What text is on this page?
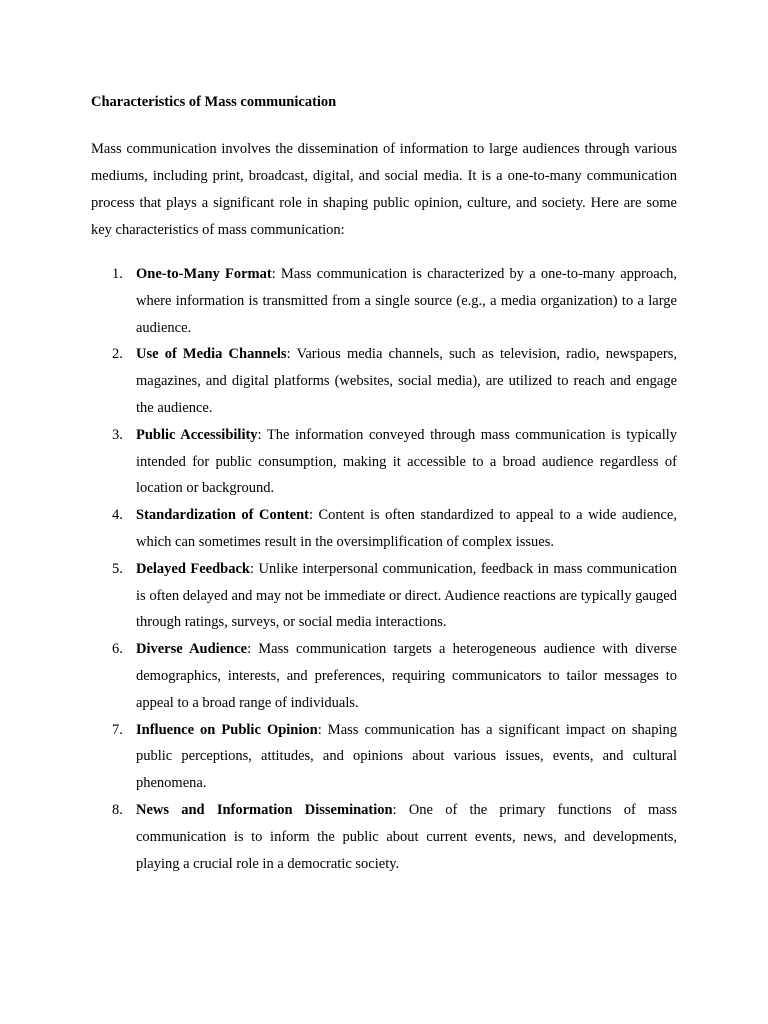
Characteristics of Mass communication

Mass communication involves the dissemination of information to large audiences through various mediums, including print, broadcast, digital, and social media. It is a one-to-many communication process that plays a significant role in shaping public opinion, culture, and society. Here are some key characteristics of mass communication:

1. One-to-Many Format: Mass communication is characterized by a one-to-many approach, where information is transmitted from a single source (e.g., a media organization) to a large audience.
2. Use of Media Channels: Various media channels, such as television, radio, newspapers, magazines, and digital platforms (websites, social media), are utilized to reach and engage the audience.
3. Public Accessibility: The information conveyed through mass communication is typically intended for public consumption, making it accessible to a broad audience regardless of location or background.
4. Standardization of Content: Content is often standardized to appeal to a wide audience, which can sometimes result in the oversimplification of complex issues.
5. Delayed Feedback: Unlike interpersonal communication, feedback in mass communication is often delayed and may not be immediate or direct. Audience reactions are typically gauged through ratings, surveys, or social media interactions.
6. Diverse Audience: Mass communication targets a heterogeneous audience with diverse demographics, interests, and preferences, requiring communicators to tailor messages to appeal to a broad range of individuals.
7. Influence on Public Opinion: Mass communication has a significant impact on shaping public perceptions, attitudes, and opinions about various issues, events, and cultural phenomena.
8. News and Information Dissemination: One of the primary functions of mass communication is to inform the public about current events, news, and developments, playing a crucial role in a democratic society.
